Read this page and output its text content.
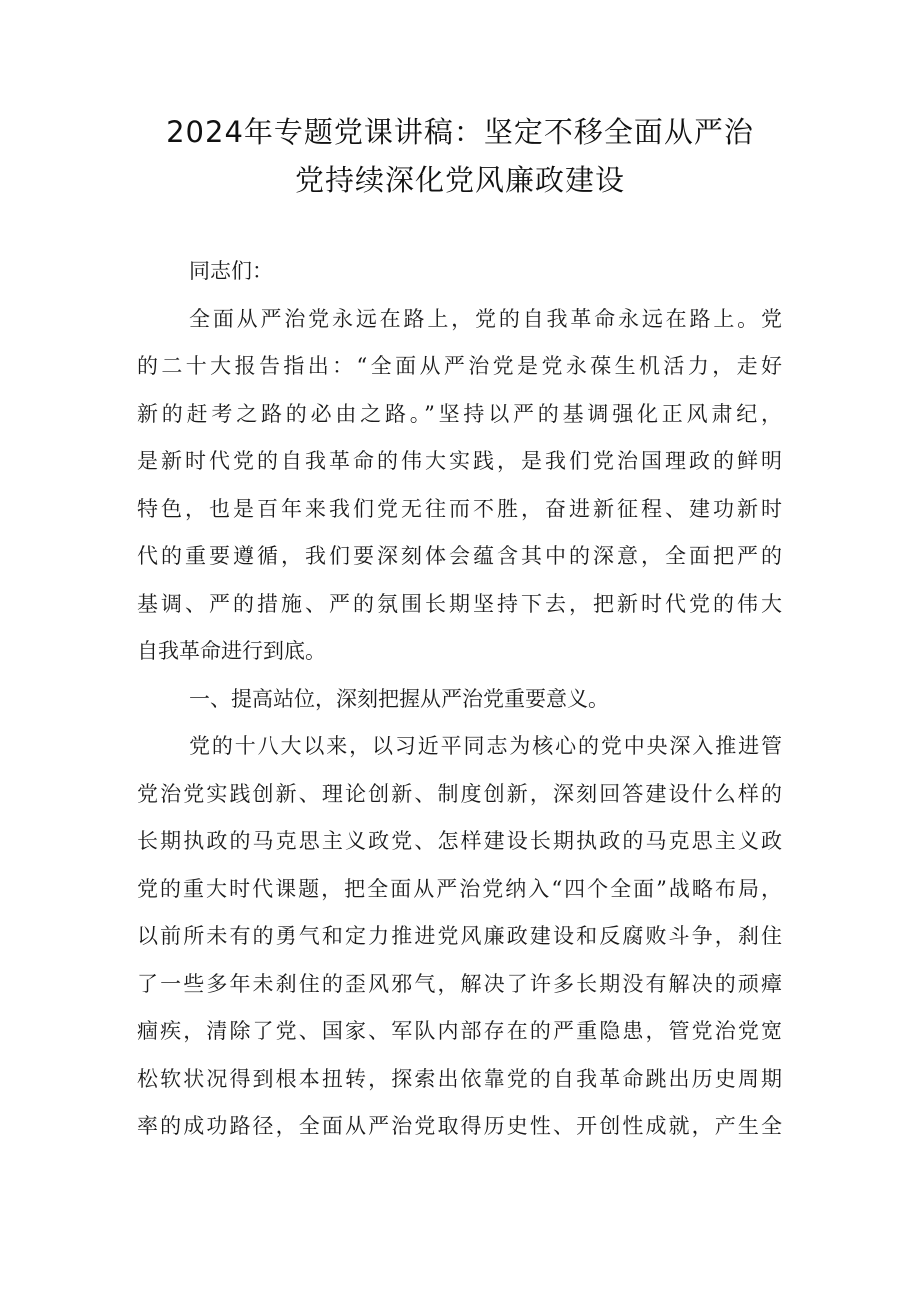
2024年专题党课讲稿：坚定不移全面从严治
党持续深化党风廉政建设
同志们：
全面从严治党永远在路上，党的自我革命永远在路上。党
的二十大报告指出：“全面从严治党是党永葆生机活力，走好
新的赶考之路的必由之路。”坚持以严的基调强化正风肃纪，
是新时代党的自我革命的伟大实践，是我们党治国理政的鲜明
特色，也是百年来我们党无往而不胜，奋进新征程、建功新时
代的重要遵循，我们要深刻体会蕴含其中的深意，全面把严的
基调、严的措施、严的氛围长期坚持下去，把新时代党的伟大
自我革命进行到底。
一、提高站位，深刻把握从严治党重要意义。
党的十八大以来，以习近平同志为核心的党中央深入推进管
党治党实践创新、理论创新、制度创新，深刻回答建设什么样的
长期执政的马克思主义政党、怎样建设长期执政的马克思主义政
党的重大时代课题，把全面从严治党纳入“四个全面”战略布局，
以前所未有的勇气和定力推进党风廉政建设和反腐败斗争，刹住
了一些多年未刹住的歪风邪气，解决了许多长期没有解决的顽瘴
痼疾，清除了党、国家、军队内部存在的严重隐患，管党治党宽
松软状况得到根本扭转，探索出依靠党的自我革命跳出历史周期
率的成功路径，全面从严治党取得历史性、开创性成就，产生全
